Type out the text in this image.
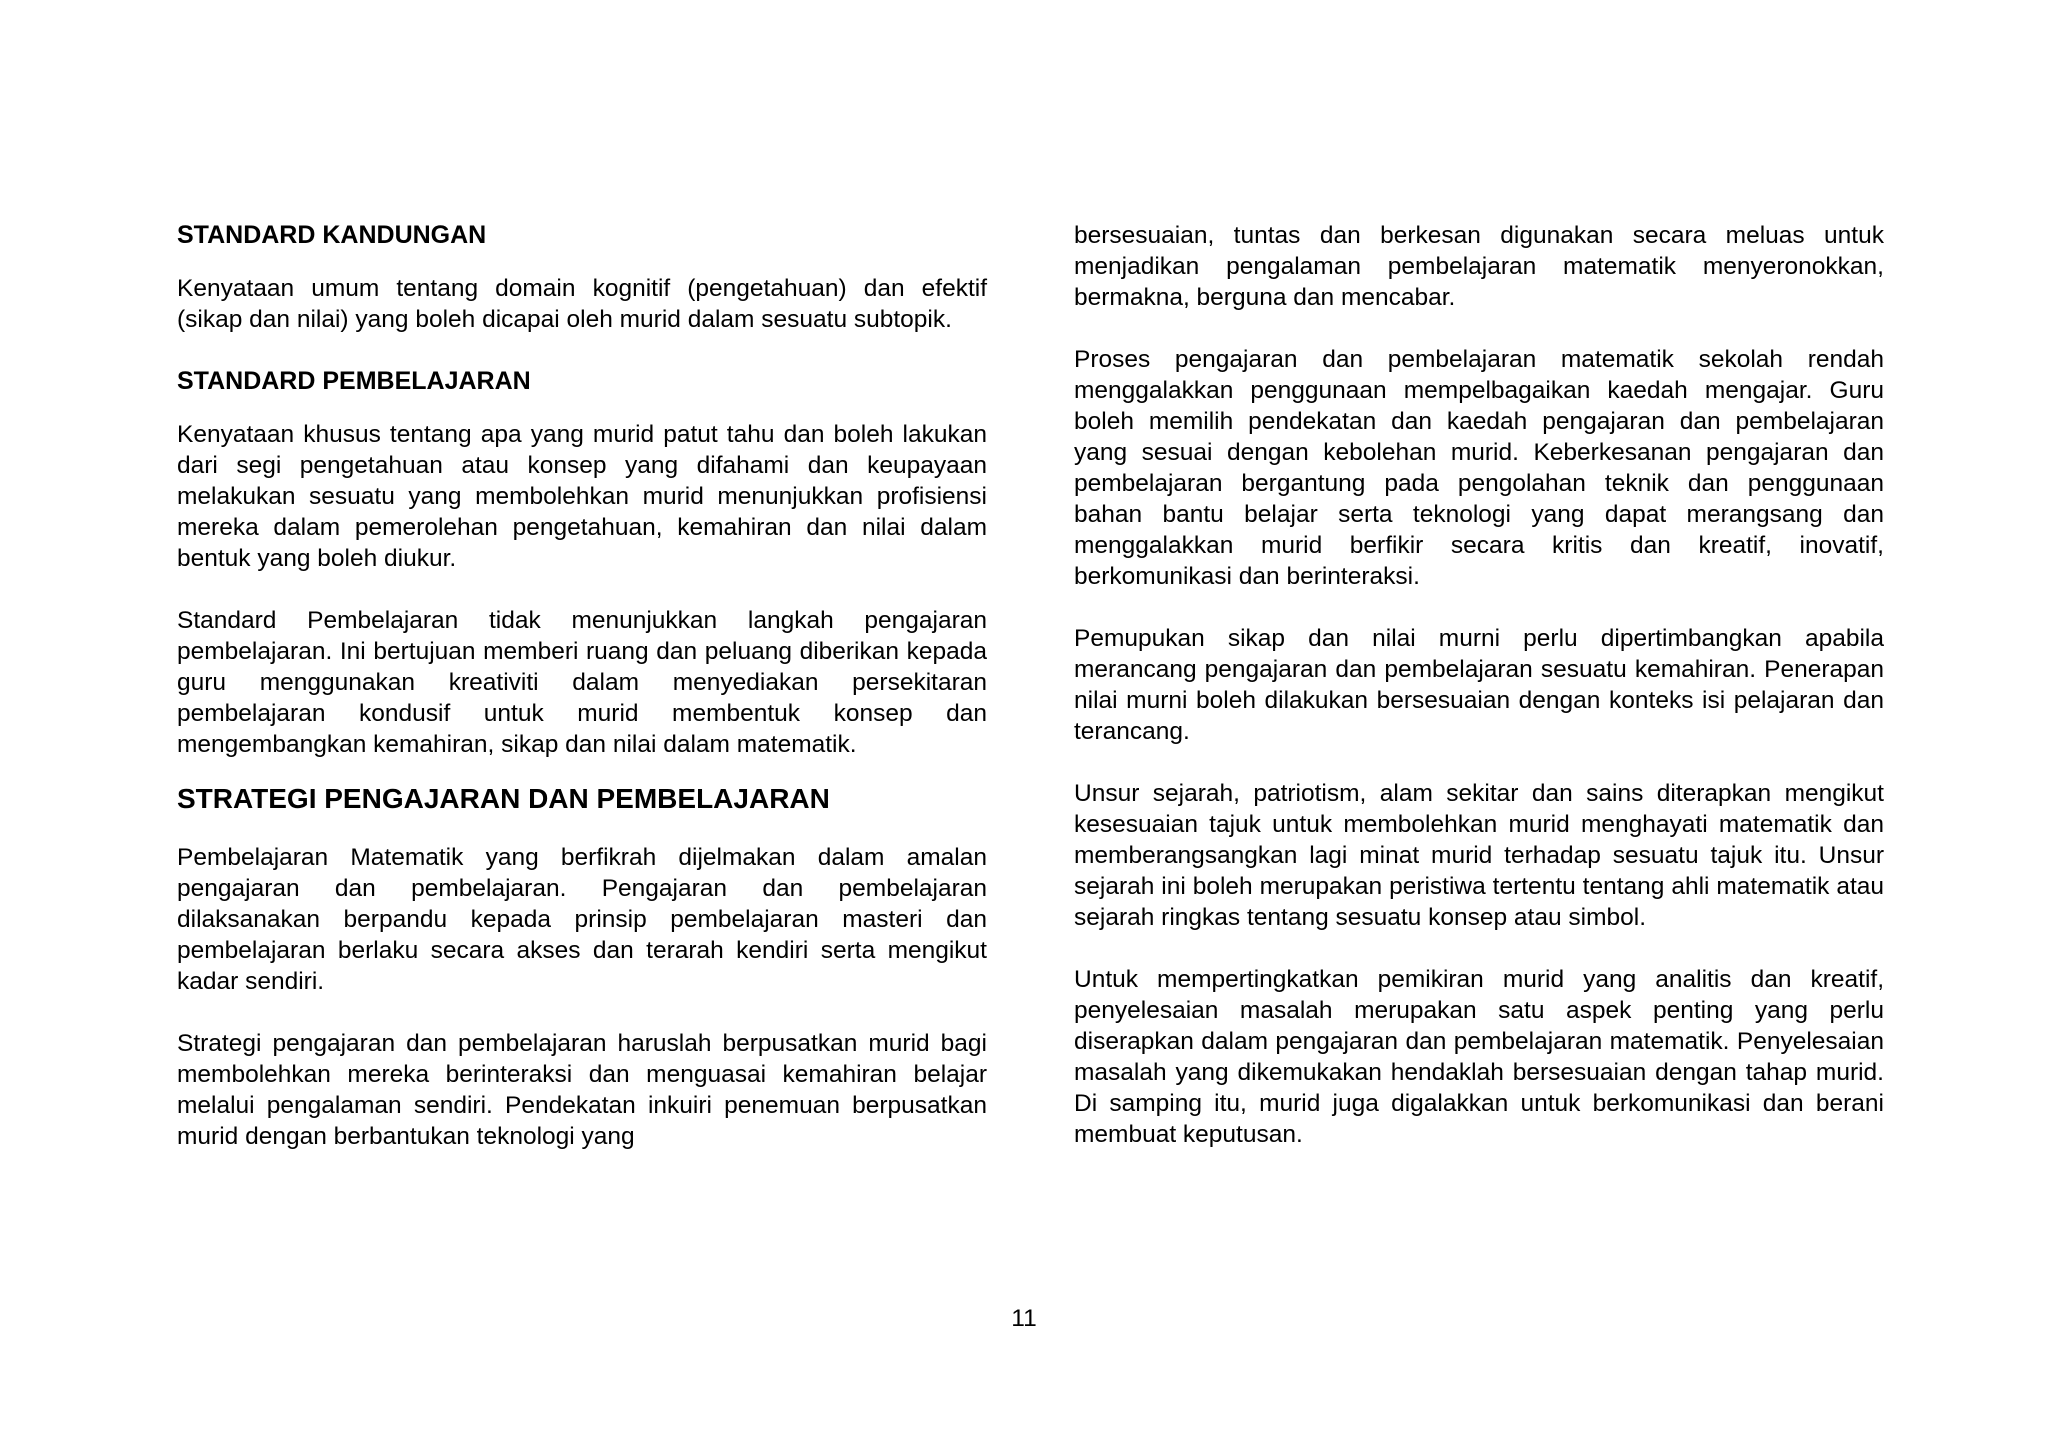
STANDARD KANDUNGAN
Kenyataan umum tentang domain kognitif (pengetahuan) dan efektif (sikap dan nilai) yang boleh dicapai oleh murid dalam sesuatu subtopik.
STANDARD PEMBELAJARAN
Kenyataan khusus tentang apa yang murid patut tahu dan boleh lakukan dari segi pengetahuan atau konsep yang difahami dan keupayaan melakukan sesuatu yang membolehkan murid menunjukkan profisiensi mereka dalam pemerolehan pengetahuan, kemahiran dan nilai dalam bentuk yang boleh diukur.
Standard Pembelajaran tidak menunjukkan langkah pengajaran pembelajaran. Ini bertujuan memberi ruang dan peluang diberikan kepada guru menggunakan kreativiti dalam menyediakan persekitaran pembelajaran kondusif untuk murid membentuk konsep dan mengembangkan kemahiran, sikap dan nilai dalam matematik.
STRATEGI PENGAJARAN DAN PEMBELAJARAN
Pembelajaran Matematik yang berfikrah dijelmakan dalam amalan pengajaran dan pembelajaran. Pengajaran dan pembelajaran dilaksanakan berpandu kepada prinsip pembelajaran masteri dan pembelajaran berlaku secara akses dan terarah kendiri serta mengikut kadar sendiri.
Strategi pengajaran dan pembelajaran haruslah berpusatkan murid bagi membolehkan mereka berinteraksi dan menguasai kemahiran belajar melalui pengalaman sendiri. Pendekatan inkuiri penemuan berpusatkan murid dengan berbantukan teknologi yang
bersesuaian, tuntas dan berkesan digunakan secara meluas untuk menjadikan pengalaman pembelajaran matematik menyeronokkan, bermakna, berguna dan mencabar.
Proses pengajaran dan pembelajaran matematik sekolah rendah menggalakkan penggunaan mempelbagaikan kaedah mengajar. Guru boleh memilih pendekatan dan kaedah pengajaran dan pembelajaran yang sesuai dengan kebolehan murid. Keberkesanan pengajaran dan pembelajaran bergantung pada pengolahan teknik dan penggunaan bahan bantu belajar serta teknologi yang dapat merangsang dan menggalakkan murid berfikir secara kritis dan kreatif, inovatif, berkomunikasi dan berinteraksi.
Pemupukan sikap dan nilai murni perlu dipertimbangkan apabila merancang pengajaran dan pembelajaran sesuatu kemahiran. Penerapan nilai murni boleh dilakukan bersesuaian dengan konteks isi pelajaran dan terancang.
Unsur sejarah, patriotism, alam sekitar dan sains diterapkan mengikut kesesuaian tajuk untuk membolehkan murid menghayati matematik dan memberangsangkan lagi minat murid terhadap sesuatu tajuk itu. Unsur sejarah ini boleh merupakan peristiwa tertentu tentang ahli matematik atau sejarah ringkas tentang sesuatu konsep atau simbol.
Untuk mempertingkatkan pemikiran murid yang analitis dan kreatif, penyelesaian masalah merupakan satu aspek penting yang perlu diserapkan dalam pengajaran dan pembelajaran matematik. Penyelesaian masalah yang dikemukakan hendaklah bersesuaian dengan tahap murid. Di samping itu, murid juga digalakkan untuk berkomunikasi dan berani membuat keputusan.
11
